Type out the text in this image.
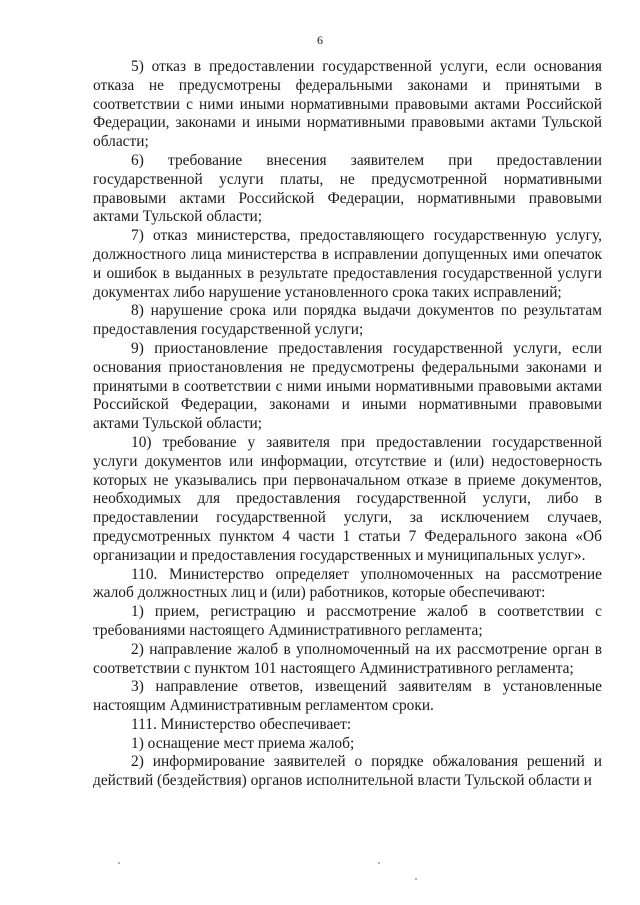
6

5) отказ в предоставлении государственной услуги, если основания отказа не предусмотрены федеральными законами и принятыми в соответствии с ними иными нормативными правовыми актами Российской Федерации, законами и иными нормативными правовыми актами Тульской области;

6) требование внесения заявителем при предоставлении государственной услуги платы, не предусмотренной нормативными правовыми актами Российской Федерации, нормативными правовыми актами Тульской области;

7) отказ министерства, предоставляющего государственную услугу, должностного лица министерства в исправлении допущенных ими опечаток и ошибок в выданных в результате предоставления государственной услуги документах либо нарушение установленного срока таких исправлений;

8) нарушение срока или порядка выдачи документов по результатам предоставления государственной услуги;

9) приостановление предоставления государственной услуги, если основания приостановления не предусмотрены федеральными законами и принятыми в соответствии с ними иными нормативными правовыми актами Российской Федерации, законами и иными нормативными правовыми актами Тульской области;

10) требование у заявителя при предоставлении государственной услуги документов или информации, отсутствие и (или) недостоверность которых не указывались при первоначальном отказе в приеме документов, необходимых для предоставления государственной услуги, либо в предоставлении государственной услуги, за исключением случаев, предусмотренных пунктом 4 части 1 статьи 7 Федерального закона «Об организации и предоставления государственных и муниципальных услуг».

110. Министерство определяет уполномоченных на рассмотрение жалоб должностных лиц и (или) работников, которые обеспечивают:

1) прием, регистрацию и рассмотрение жалоб в соответствии с требованиями настоящего Административного регламента;

2) направление жалоб в уполномоченный на их рассмотрение орган в соответствии с пунктом 101 настоящего Административного регламента;

3) направление ответов, извещений заявителям в установленные настоящим Административным регламентом сроки.

111. Министерство обеспечивает:

1) оснащение мест приема жалоб;

2) информирование заявителей о порядке обжалования решений и действий (бездействия) органов исполнительной власти Тульской области и
